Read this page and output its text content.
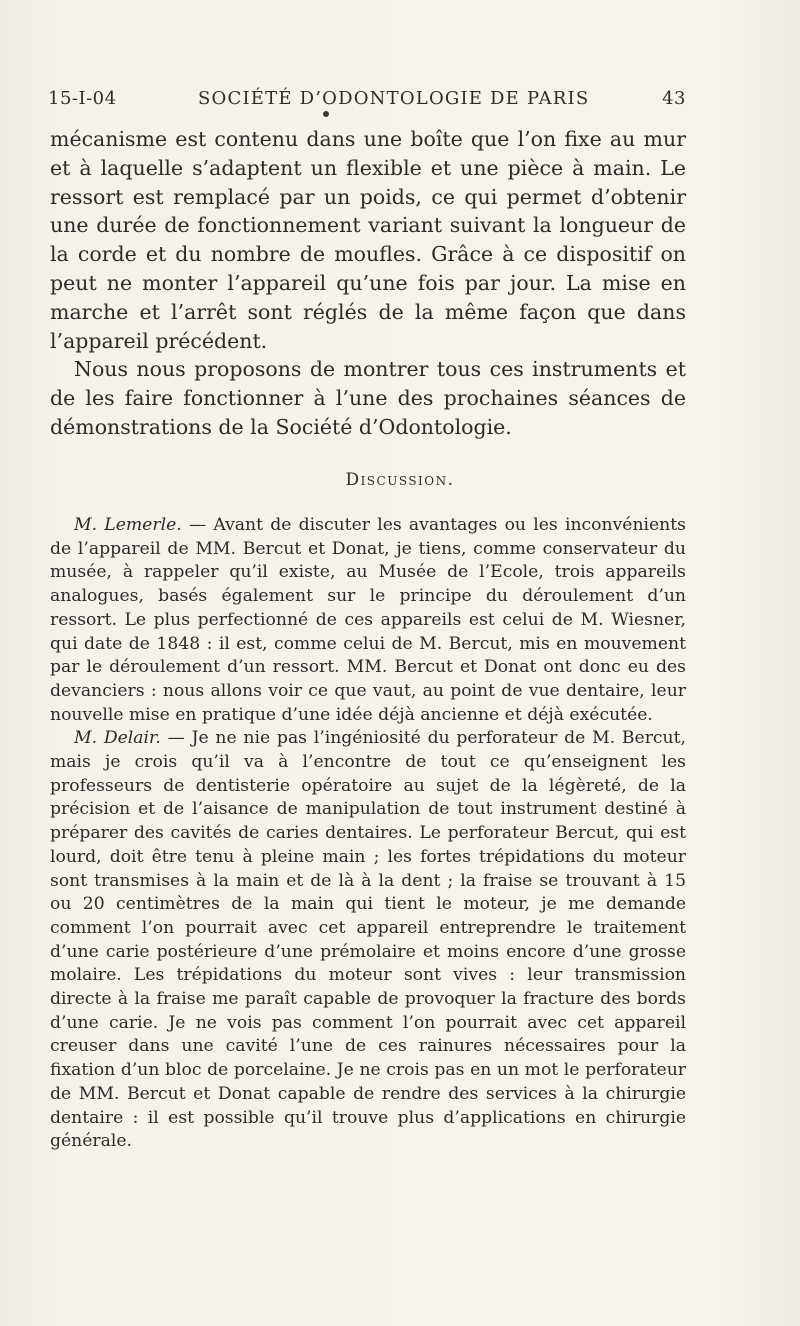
15-I-04	SOCIÉTÉ D’ODONTOLOGIE DE PARIS	43

mécanisme est contenu dans une boîte que l’on fixe au mur et à laquelle s’adaptent un flexible et une pièce à main. Le ressort est remplacé par un poids, ce qui permet d’obtenir une durée de fonctionnement variant suivant la longueur de la corde et du nombre de moufles. Grâce à ce dispositif on peut ne monter l’appareil qu’une fois par jour. La mise en marche et l’arrêt sont réglés de la même façon que dans l’appareil précédent.

Nous nous proposons de montrer tous ces instruments et de les faire fonctionner à l’une des prochaines séances de démonstrations de la Société d’Odontologie.

Discussion.

M. Lemerle. — Avant de discuter les avantages ou les inconvénients de l’appareil de MM. Bercut et Donat, je tiens, comme conservateur du musée, à rappeler qu’il existe, au Musée de l’Ecole, trois appareils analogues, basés également sur le principe du déroulement d’un ressort. Le plus perfectionné de ces appareils est celui de M. Wiesner, qui date de 1848 : il est, comme celui de M. Bercut, mis en mouvement par le déroulement d’un ressort. MM. Bercut et Donat ont donc eu des devanciers : nous allons voir ce que vaut, au point de vue dentaire, leur nouvelle mise en pratique d’une idée déjà ancienne et déjà exécutée.

M. Delair. — Je ne nie pas l’ingéniosité du perforateur de M. Bercut, mais je crois qu’il va à l’encontre de tout ce qu’enseignent les professeurs de dentisterie opératoire au sujet de la légèreté, de la précision et de l’aisance de manipulation de tout instrument destiné à préparer des cavités de caries dentaires. Le perforateur Bercut, qui est lourd, doit être tenu à pleine main ; les fortes trépidations du moteur sont transmises à la main et de là à la dent ; la fraise se trouvant à 15 ou 20 centimètres de la main qui tient le moteur, je me demande comment l’on pourrait avec cet appareil entreprendre le traitement d’une carie postérieure d’une prémolaire et moins encore d’une grosse molaire. Les trépidations du moteur sont vives : leur transmission directe à la fraise me paraît capable de provoquer la fracture des bords d’une carie. Je ne vois pas comment l’on pourrait avec cet appareil creuser dans une cavité l’une de ces rainures nécessaires pour la fixation d’un bloc de porcelaine. Je ne crois pas en un mot le perforateur de MM. Bercut et Donat capable de rendre des services à la chirurgie dentaire : il est possible qu’il trouve plus d’applications en chirurgie générale.
